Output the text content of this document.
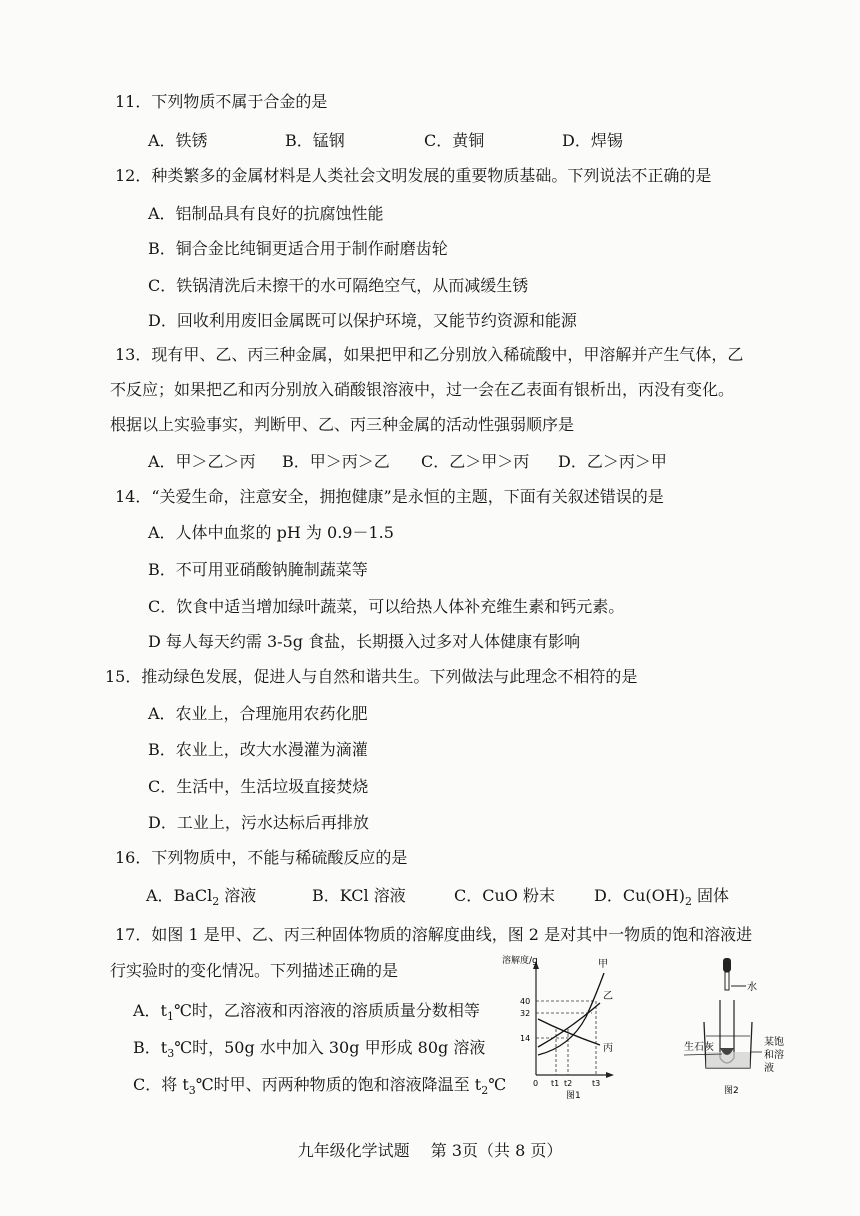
11．下列物质不属于合金的是
A．铁锈	B．锰钢	C．黄铜	D．焊锡
12．种类繁多的金属材料是人类社会文明发展的重要物质基础。下列说法不正确的是
A．铝制品具有良好的抗腐蚀性能
B．铜合金比纯铜更适合用于制作耐磨齿轮
C．铁锅清洗后未擦干的水可隔绝空气，从而减缓生锈
D．回收利用废旧金属既可以保护环境，又能节约资源和能源
13．现有甲、乙、丙三种金属，如果把甲和乙分别放入稀硫酸中，甲溶解并产生气体，乙
不反应；如果把乙和丙分别放入硝酸银溶液中，过一会在乙表面有银析出，丙没有变化。
根据以上实验事实，判断甲、乙、丙三种金属的活动性强弱顺序是
A．甲＞乙＞丙 B．甲＞丙＞乙 C．乙＞甲＞丙 D．乙＞丙＞甲
14．“关爱生命，注意安全，拥抱健康”是永恒的主题，下面有关叙述错误的是
A．人体中血浆的 pH 为 0.9－1.5
B．不可用亚硝酸钠腌制蔬菜等
C．饮食中适当增加绿叶蔬菜，可以给热人体补充维生素和钙元素。
D 每人每天约需 3-5g 食盐，长期摄入过多对人体健康有影响
15．推动绿色发展，促进人与自然和谐共生。下列做法与此理念不相符的是
A．农业上，合理施用农药化肥
B．农业上，改大水漫灌为滴灌
C．生活中，生活垃圾直接焚烧
D．工业上，污水达标后再排放
16．下列物质中，不能与稀硫酸反应的是
A．BaCl$_2$ 溶液	B．KCl 溶液	C．CuO 粉末 D．$Cu(OH)_2$ 固体
17．如图 1 是甲、乙、丙三种固体物质的溶解度曲线，图 2 是对其中一物质的饱和溶液进
行实验时的变化情况。下列描述正确的是
A．$t_1℃$时，乙溶液和丙溶液的溶质质量分数相等
B．$t_3℃$时，50g 水中加入 30g 甲形成 80g 溶液
C．将 $t_3℃$时甲、丙两种物质的饱和溶液降温至 $t_2℃$
溶解度/g
40
32
14
0 t1 t2 t3
甲
乙
丙
图1
水
生石灰	某饱
和溶
液
图2
九年级化学试题 第 3页（共 8 页）
